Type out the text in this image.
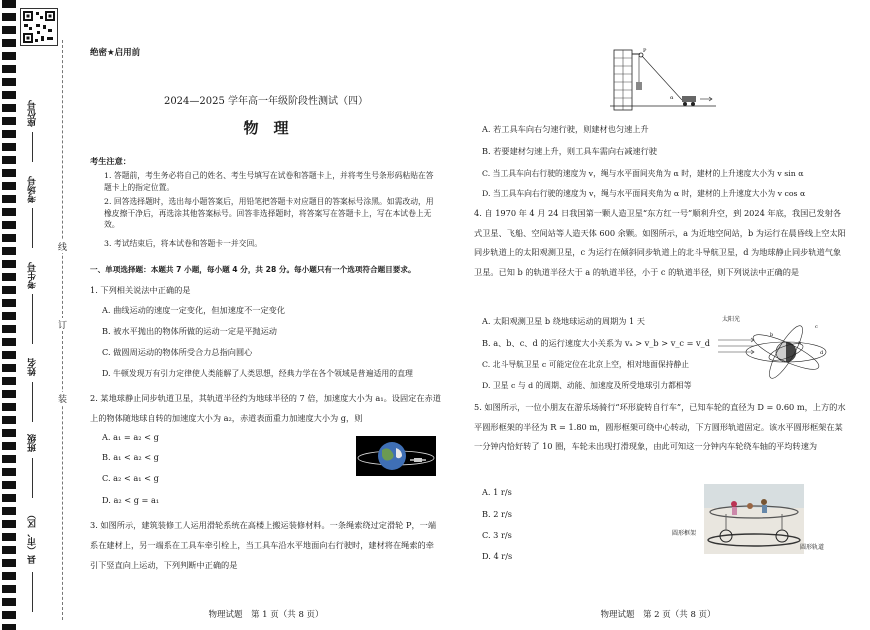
座位号
考场号
考生号
姓名
班级
县（市、区）
线
订
装
绝密★启用前
2024—2025 学年高一年级阶段性测试（四）
物　理
考生注意：
1. 答题前，考生务必将自己的姓名、考生号填写在试卷和答题卡上，并将考生号条形码粘贴在答题卡上的指定位置。
2. 回答选择题时，选出每小题答案后，用铅笔把答题卡对应题目的答案标号涂黑。如需改动，用橡皮擦干净后，再选涂其他答案标号。回答非选择题时，将答案写在答题卡上，写在本试卷上无效。
3. 考试结束后，将本试卷和答题卡一并交回。
一、单项选择题：本题共 7 小题，每小题 4 分，共 28 分。每小题只有一个选项符合题目要求。
1. 下列相关说法中正确的是
A. 曲线运动的速度一定变化，但加速度不一定变化
B. 被水平抛出的物体所做的运动一定是平抛运动
C. 做圆周运动的物体所受合力总指向圆心
D. 牛顿发现万有引力定律使人类能解了人类思想，经典力学在各个领域是普遍适用的直理
2. 某地球静止同步轨道卫星，其轨道半径约为地球半径的 7 倍，加速度大小为 a₁。设固定在赤道上的物体随地球自转的加速度大小为 a₂，赤道表面重力加速度大小为 g，则
A. a₁ = a₂ < g
B. a₁ < a₂ < g
C. a₂ < a₁ < g
D. a₂ < g = a₁
3. 如图所示，建筑装修工人运用滑轮系统在高楼上搬运装修材料。一条绳索绕过定滑轮 P，一端系在建材上，另一端系在工具车牵引栓上，当工具车沿水平地面向右行驶时，建材将在绳索的牵引下竖直向上运动，下列判断中正确的是
物理试题　第 1 页（共 8 页）
P
α
A. 若工具车向右匀速行驶，则建材也匀速上升
B. 若要建材匀速上升，则工具车需向右减速行驶
C. 当工具车向右行驶的速度为 v，绳与水平面间夹角为 α 时，建材的上升速度大小为 v sin α
D. 当工具车向右行驶的速度为 v，绳与水平面间夹角为 α 时，建材的上升速度大小为 v cos α
4. 自 1970 年 4 月 24 日我国第一颗人造卫星“东方红一号”顺利升空，到 2024 年底，我国已发射各式卫星、飞船、空间站等人造天体 600 余颗。如图所示，a 为近地空间站，b 为运行在晨昏线上空太阳同步轨道上的太阳观测卫星，c 为运行在倾斜同步轨道上的北斗导航卫星，d 为地球静止同步轨道气象卫星。已知 b 的轨道半径大于 a 的轨道半径，小于 c 的轨道半径，则下列说法中正确的是
A. 太阳观测卫星 b 绕地球运动的周期为 1 天
B. a、b、c、d 的运行速度大小关系为 vₐ > v_b > v_c = v_d
C. 北斗导航卫星 c 可能定位在北京上空，相对地面保持静止
D. 卫星 c 与 d 的周期、动能、加速度及所受地球引力都相等
b
c
a
d
太阳光
5. 如图所示，一位小朋友在游乐场骑行“环形旋转自行车”，已知车轮的直径为 D = 0.60 m，上方的水平圆形框架的半径为 R = 1.80 m，圆形框架可绕中心转动，下方圆形轨道固定。该水平圆形框架在某一分钟内恰好转了 10 圈，车轮未出现打滑现象，由此可知这一分钟内车轮绕车轴的平均转速为
A. 1 r/s
B. 2 r/s
C. 3 r/s
D. 4 r/s
圆形框架
圆形轨道
物理试题　第 2 页（共 8 页）
